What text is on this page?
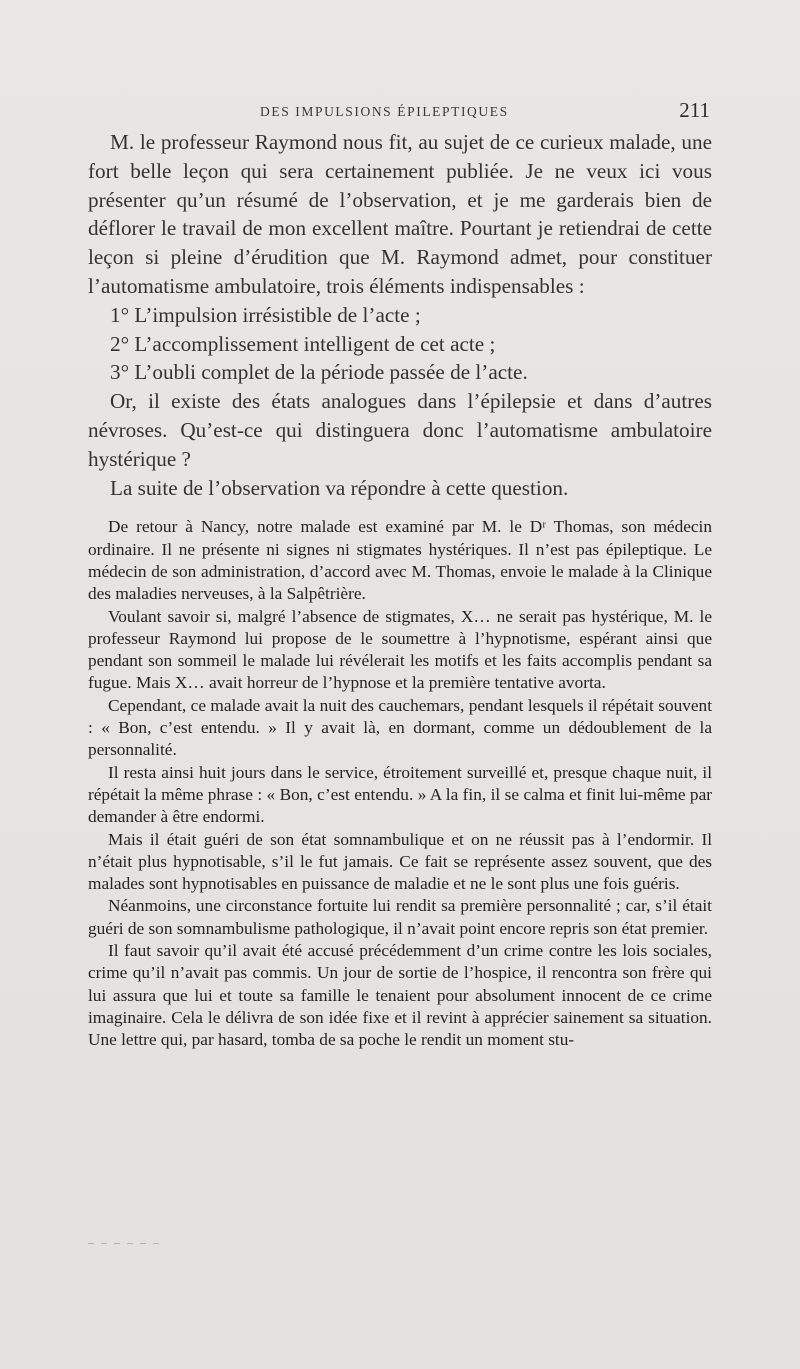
DES IMPULSIONS ÉPILEPTIQUES	211

M. le professeur Raymond nous fit, au sujet de ce curieux malade, une fort belle leçon qui sera certainement publiée. Je ne veux ici vous présenter qu’un résumé de l’observation, et je me garderais bien de déflorer le travail de mon excellent maître. Pourtant je retiendrai de cette leçon si pleine d’érudition que M. Raymond admet, pour constituer l’automatisme ambulatoire, trois éléments indispensables :

1° L’impulsion irrésistible de l’acte ;

2° L’accomplissement intelligent de cet acte ;

3° L’oubli complet de la période passée de l’acte.

Or, il existe des états analogues dans l’épilepsie et dans d’autres névroses. Qu’est-ce qui distinguera donc l’automatisme ambulatoire hystérique ?

La suite de l’observation va répondre à cette question.

De retour à Nancy, notre malade est examiné par M. le Dʳ Thomas, son médecin ordinaire. Il ne présente ni signes ni stigmates hystériques. Il n’est pas épileptique. Le médecin de son administration, d’accord avec M. Thomas, envoie le malade à la Clinique des maladies nerveuses, à la Salpêtrière.

Voulant savoir si, malgré l’absence de stigmates, X… ne serait pas hystérique, M. le professeur Raymond lui propose de le soumettre à l’hypnotisme, espérant ainsi que pendant son sommeil le malade lui révélerait les motifs et les faits accomplis pendant sa fugue. Mais X… avait horreur de l’hypnose et la première tentative avorta.

Cependant, ce malade avait la nuit des cauchemars, pendant lesquels il répétait souvent : « Bon, c’est entendu. » Il y avait là, en dormant, comme un dédoublement de la personnalité.

Il resta ainsi huit jours dans le service, étroitement surveillé et, presque chaque nuit, il répétait la même phrase : « Bon, c’est entendu. » A la fin, il se calma et finit lui-même par demander à être endormi.

Mais il était guéri de son état somnambulique et on ne réussit pas à l’endormir. Il n’était plus hypnotisable, s’il le fut jamais. Ce fait se représente assez souvent, que des malades sont hypnotisables en puissance de maladie et ne le sont plus une fois guéris.

Néanmoins, une circonstance fortuite lui rendit sa première personnalité ; car, s’il était guéri de son somnambulisme pathologique, il n’avait point encore repris son état premier.

Il faut savoir qu’il avait été accusé précédemment d’un crime contre les lois sociales, crime qu’il n’avait pas commis. Un jour de sortie de l’hospice, il rencontra son frère qui lui assura que lui et toute sa famille le tenaient pour absolument innocent de ce crime imaginaire. Cela le délivra de son idée fixe et il revint à apprécier sainement sa situation. Une lettre qui, par hasard, tomba de sa poche le rendit un moment stu-
